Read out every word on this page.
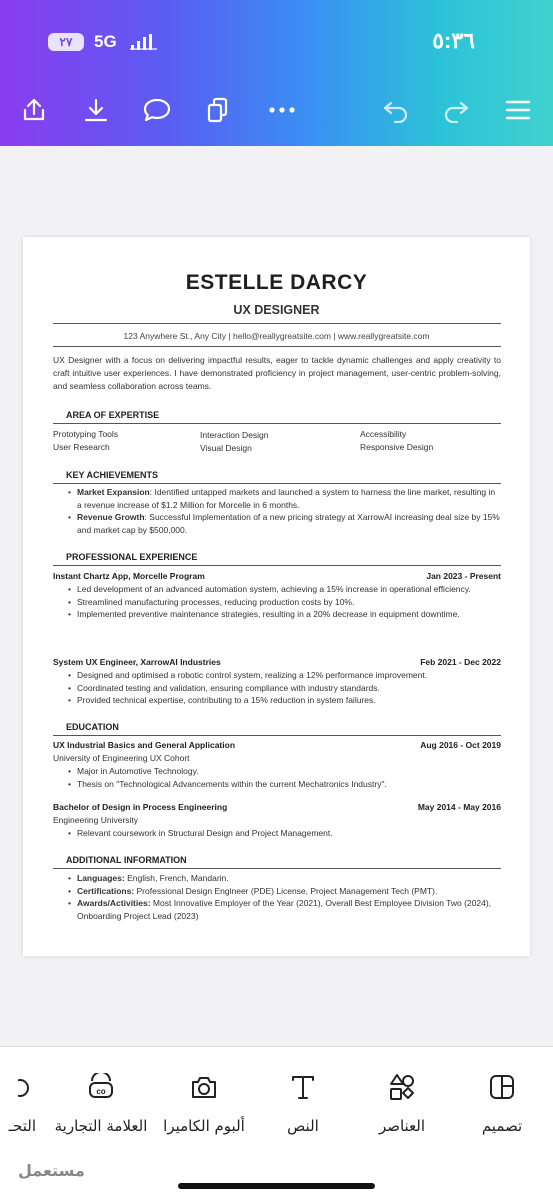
٢٧	5G	٥:٣٦
ESTELLE DARCY
UX DESIGNER
123 Anywhere St., Any City | hello@reallygreatsite.com | www.reallygreatsite.com
UX Designer with a focus on delivering impactful results, eager to tackle dynamic challenges and apply creativity to craft intuitive user experiences. I have demonstrated proficiency in project management, user-centric problem-solving, and seamless collaboration across teams.
AREA OF EXPERTISE
Prototyping Tools	Interaction Design	Accessibility
User Research	Visual Design	Responsive Design
KEY ACHIEVEMENTS
• Market Expansion: Identified untapped markets and launched a system to harness the line market, resulting in a revenue increase of $1.2 Million for Morcelle in 6 months.
• Revenue Growth: Successful Implementation of a new pricing strategy at XarrowAI increasing deal size by 15% and market cap by $500,000.
PROFESSIONAL EXPERIENCE
Instant Chartz App, Morcelle Program	Jan 2023 - Present
• Led development of an advanced automation system, achieving a 15% increase in operational efficiency.
• Streamlined manufacturing processes, reducing production costs by 10%.
• Implemented preventive maintenance strategies, resulting in a 20% decrease in equipment downtime.
System UX Engineer, XarrowAI Industries	Feb 2021 - Dec 2022
• Designed and optimised a robotic control system, realizing a 12% performance improvement.
• Coordinated testing and validation, ensuring compliance with industry standards.
• Provided technical expertise, contributing to a 15% reduction in system failures.
EDUCATION
UX Industrial Basics and General Application	Aug 2016 - Oct 2019
University of Engineering UX Cohort
• Major in Automotive Technology.
• Thesis on "Technological Advancements within the current Mechatronics Industry".
Bachelor of Design in Process Engineering	May 2014 - May 2016
Engineering University
• Relevant coursework in Structural Design and Project Management.
ADDITIONAL INFORMATION
• Languages: English, French, Mandarin.
• Certifications: Professional Design Engineer (PDE) License, Project Management Tech (PMT).
• Awards/Activities: Most Innovative Employer of the Year (2021), Overall Best Employee Division Two (2024), Onboarding Project Lead (2023)
تصميم
العناصر
النص
ألبوم الكاميرا
co
العلامة التجارية
التحـ
مستعمل
